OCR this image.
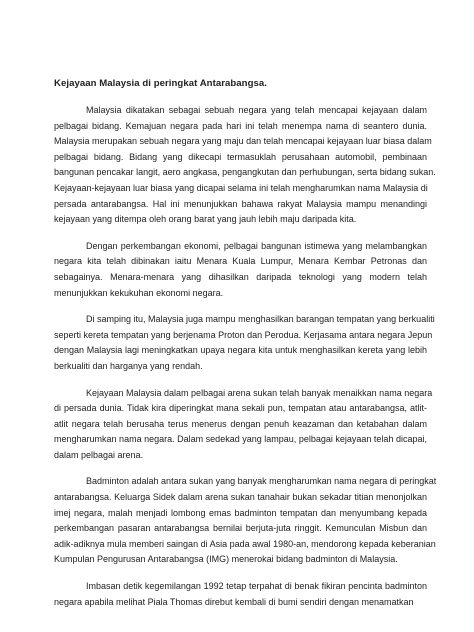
Kejayaan Malaysia di peringkat Antarabangsa.
Malaysia dikatakan sebagai sebuah negara yang telah mencapai kejayaan dalam
pelbagai bidang. Kemajuan negara pada hari ini telah menempa nama di seantero dunia.
Malaysia merupakan sebuah negara yang maju dan telah mencapai kejayaan luar biasa dalam
pelbagai bidang. Bidang yang dikecapi termasuklah perusahaan automobil, pembinaan
bangunan pencakar langit, aero angkasa, pengangkutan dan perhubungan, serta bidang sukan.
Kejayaan-kejayaan luar biasa yang dicapai selama ini telah mengharumkan nama Malaysia di
persada antarabangsa. Hal ini menunjukkan bahawa rakyat Malaysia mampu menandingi
kejayaan yang ditempa oleh orang barat yang jauh lebih maju daripada kita.
Dengan perkembangan ekonomi, pelbagai bangunan istimewa yang melambangkan
negara kita telah dibinakan iaitu Menara Kuala Lumpur, Menara Kembar Petronas dan
sebagainya. Menara-menara yang dihasilkan daripada teknologi yang modern telah
menunjukkan kekukuhan ekonomi negara.
Di samping itu, Malaysia juga mampu menghasilkan barangan tempatan yang berkualiti
seperti kereta tempatan yang berjenama Proton dan Perodua. Kerjasama antara negara Jepun
dengan Malaysia lagi meningkatkan upaya negara kita untuk menghasilkan kereta yang lebih
berkualiti dan harganya yang rendah.
Kejayaan Malaysia dalam pelbagai arena sukan telah banyak menaikkan nama negara
di persada dunia. Tidak kira diperingkat mana sekali pun, tempatan atau antarabangsa, atlit-
atlit negara telah berusaha terus menerus dengan penuh keazaman dan ketabahan dalam
mengharumkan nama negara. Dalam sedekad yang lampau, pelbagai kejayaan telah dicapai,
dalam pelbagai arena.
Badminton adalah antara sukan yang banyak mengharumkan nama negara di peringkat
antarabangsa. Keluarga Sidek dalam arena sukan tanahair bukan sekadar titian menonjolkan
imej negara, malah menjadi lombong emas badminton tempatan dan menyumbang kepada
perkembangan pasaran antarabangsa bernilai berjuta-juta ringgit. Kemunculan Misbun dan
adik-adiknya mula memberi saingan di Asia pada awal 1980-an, mendorong kepada keberanian
Kumpulan Pengurusan Antarabangsa (IMG) menerokai bidang badminton di Malaysia.
Imbasan detik kegemilangan 1992 tetap terpahat di benak fikiran pencinta badminton
negara apabila melihat Piala Thomas direbut kembali di bumi sendiri dengan menamatkan
